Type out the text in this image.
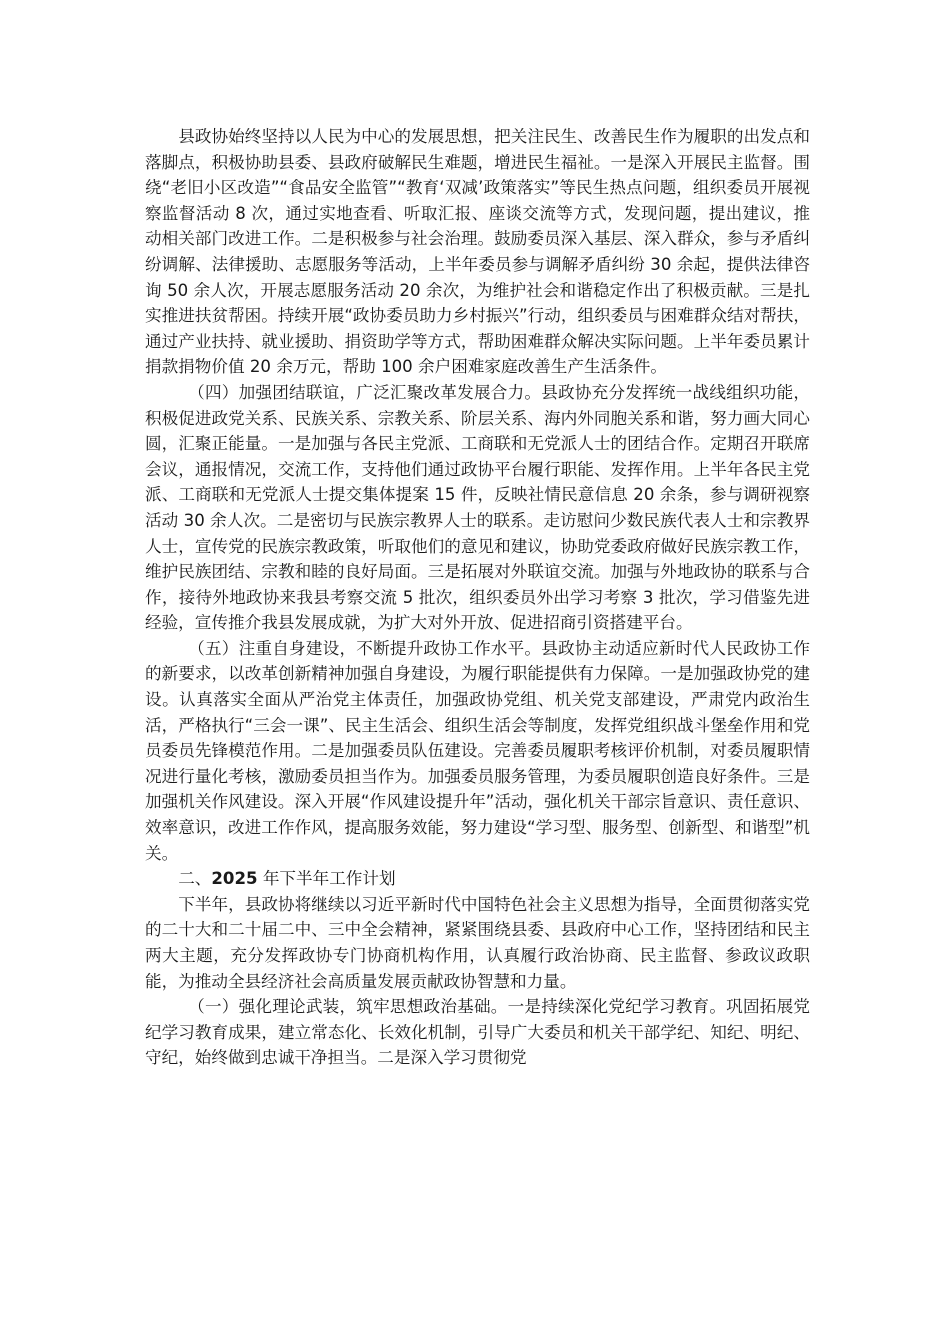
县政协始终坚持以人民为中心的发展思想，把关注民生、改善民生作为履职的出发点和落脚点，积极协助县委、县政府破解民生难题，增进民生福祉。一是深入开展民主监督。围绕“老旧小区改造”“食品安全监管”“教育‘双减’政策落实”等民生热点问题，组织委员开展视察监督活动 8 次，通过实地查看、听取汇报、座谈交流等方式，发现问题，提出建议，推动相关部门改进工作。二是积极参与社会治理。鼓励委员深入基层、深入群众，参与矛盾纠纷调解、法律援助、志愿服务等活动，上半年委员参与调解矛盾纠纷 30 余起，提供法律咨询 50 余人次，开展志愿服务活动 20 余次，为维护社会和谐稳定作出了积极贡献。三是扎实推进扶贫帮困。持续开展“政协委员助力乡村振兴”行动，组织委员与困难群众结对帮扶，通过产业扶持、就业援助、捐资助学等方式，帮助困难群众解决实际问题。上半年委员累计捐款捐物价值 20 余万元，帮助 100 余户困难家庭改善生产生活条件。

（四）加强团结联谊，广泛汇聚改革发展合力。县政协充分发挥统一战线组织功能，积极促进政党关系、民族关系、宗教关系、阶层关系、海内外同胞关系和谐，努力画大同心圆，汇聚正能量。一是加强与各民主党派、工商联和无党派人士的团结合作。定期召开联席会议，通报情况，交流工作，支持他们通过政协平台履行职能、发挥作用。上半年各民主党派、工商联和无党派人士提交集体提案 15 件，反映社情民意信息 20 余条，参与调研视察活动 30 余人次。二是密切与民族宗教界人士的联系。走访慰问少数民族代表人士和宗教界人士，宣传党的民族宗教政策，听取他们的意见和建议，协助党委政府做好民族宗教工作，维护民族团结、宗教和睦的良好局面。三是拓展对外联谊交流。加强与外地政协的联系与合作，接待外地政协来我县考察交流 5 批次，组织委员外出学习考察 3 批次，学习借鉴先进经验，宣传推介我县发展成就，为扩大对外开放、促进招商引资搭建平台。

（五）注重自身建设，不断提升政协工作水平。县政协主动适应新时代人民政协工作的新要求，以改革创新精神加强自身建设，为履行职能提供有力保障。一是加强政协党的建设。认真落实全面从严治党主体责任，加强政协党组、机关党支部建设，严肃党内政治生活，严格执行“三会一课”、民主生活会、组织生活会等制度，发挥党组织战斗堡垒作用和党员委员先锋模范作用。二是加强委员队伍建设。完善委员履职考核评价机制，对委员履职情况进行量化考核，激励委员担当作为。加强委员服务管理，为委员履职创造良好条件。三是加强机关作风建设。深入开展“作风建设提升年”活动，强化机关干部宗旨意识、责任意识、效率意识，改进工作作风，提高服务效能，努力建设“学习型、服务型、创新型、和谐型”机关。

二、2025 年下半年工作计划

下半年，县政协将继续以习近平新时代中国特色社会主义思想为指导，全面贯彻落实党的二十大和二十届二中、三中全会精神，紧紧围绕县委、县政府中心工作，坚持团结和民主两大主题，充分发挥政协专门协商机构作用，认真履行政治协商、民主监督、参政议政职能，为推动全县经济社会高质量发展贡献政协智慧和力量。

（一）强化理论武装，筑牢思想政治基础。一是持续深化党纪学习教育。巩固拓展党纪学习教育成果，建立常态化、长效化机制，引导广大委员和机关干部学纪、知纪、明纪、守纪，始终做到忠诚干净担当。二是深入学习贯彻党
